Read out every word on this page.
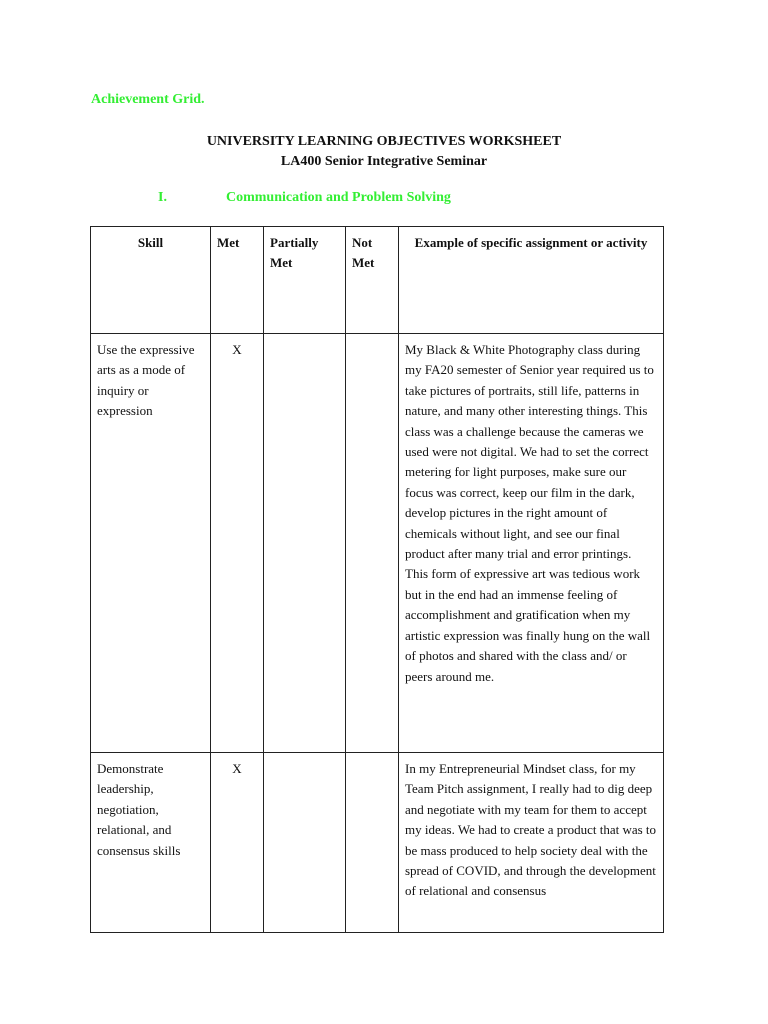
Achievement Grid.
UNIVERSITY LEARNING OBJECTIVES WORKSHEET
LA400 Senior Integrative Seminar
I.	Communication and Problem Solving
Skill	Met	Partially Met	Not Met	Example of specific assignment or activity
Use the expressive arts as a mode of inquiry or expression	X			My Black & White Photography class during my FA20 semester of Senior year required us to take pictures of portraits, still life, patterns in nature, and many other interesting things. This class was a challenge because the cameras we used were not digital. We had to set the correct metering for light purposes, make sure our focus was correct, keep our film in the dark, develop pictures in the right amount of chemicals without light, and see our final product after many trial and error printings. This form of expressive art was tedious work but in the end had an immense feeling of accomplishment and gratification when my artistic expression was finally hung on the wall of photos and shared with the class and/ or peers around me.
Demonstrate leadership, negotiation, relational, and consensus skills	X			In my Entrepreneurial Mindset class, for my Team Pitch assignment, I really had to dig deep and negotiate with my team for them to accept my ideas. We had to create a product that was to be mass produced to help society deal with the spread of COVID, and through the development of relational and consensus
